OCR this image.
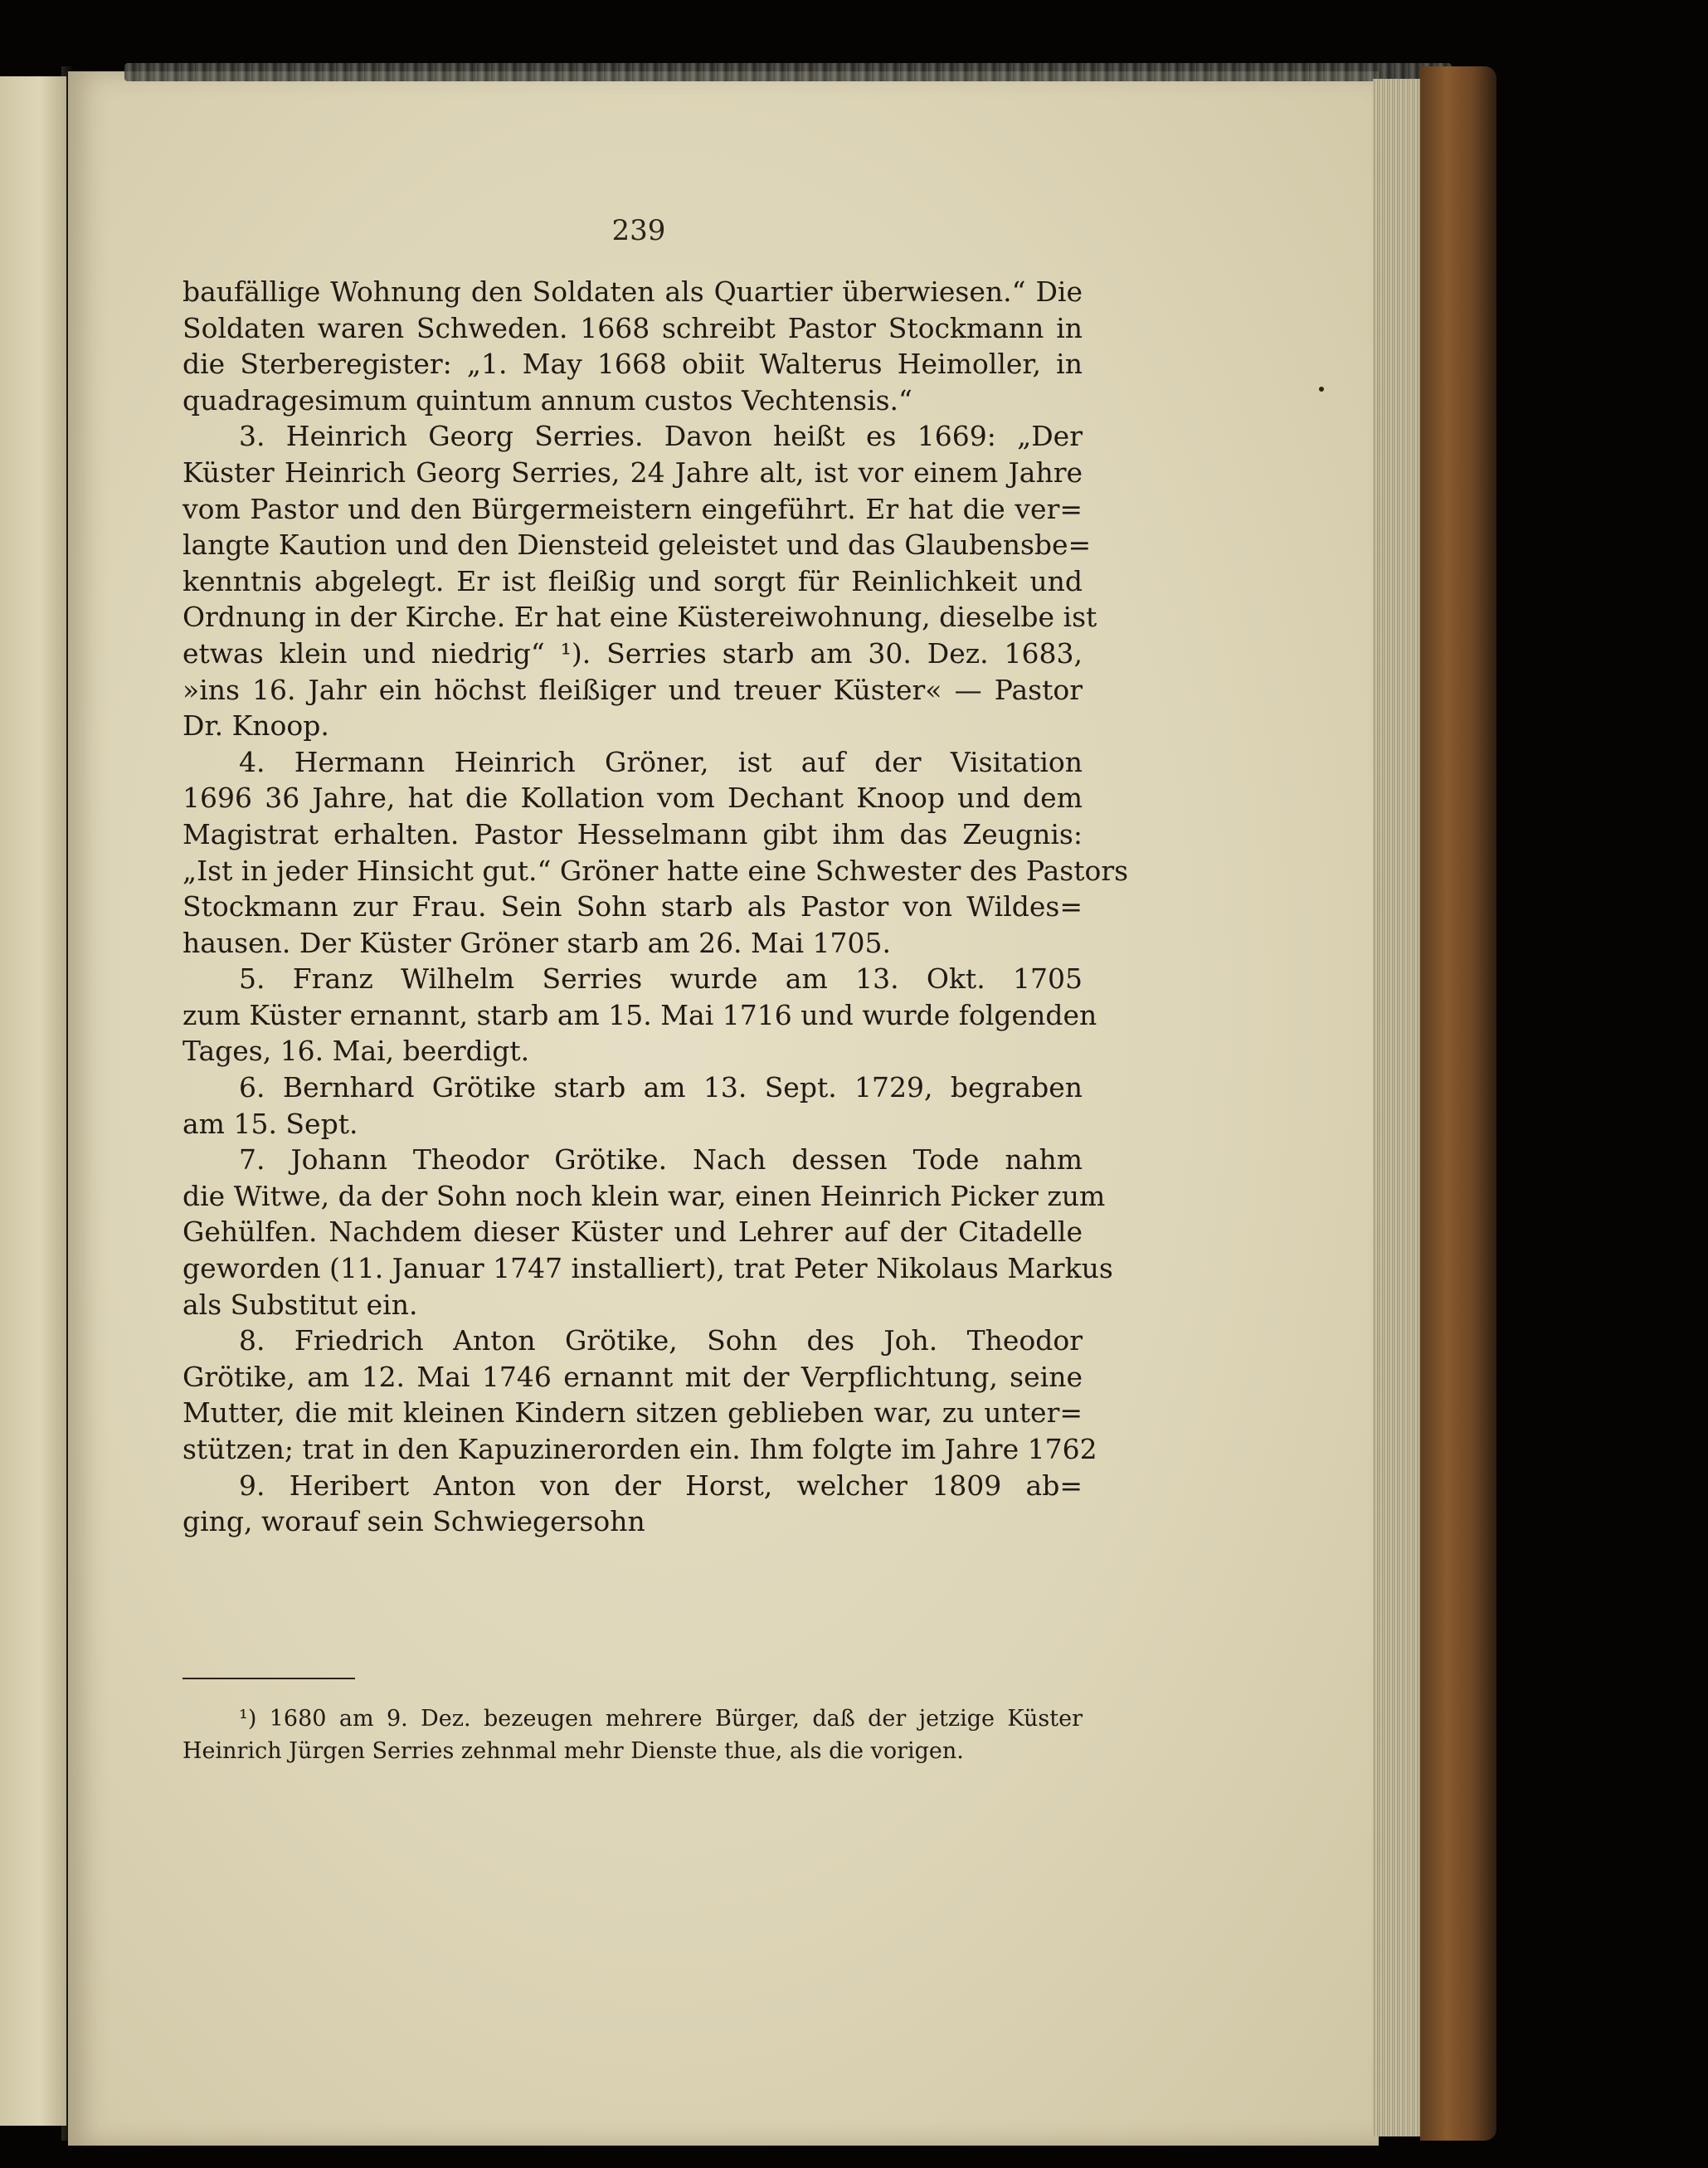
239
baufällige Wohnung den Soldaten als Quartier überwiesen.“ Die
Soldaten waren Schweden. 1668 schreibt Pastor Stockmann in
die Sterberegister: „1. May 1668 obiit Walterus Heimoller, in
quadragesimum quintum annum custos Vechtensis.“
3. Heinrich Georg Serries. Davon heißt es 1669: „Der
Küster Heinrich Georg Serries, 24 Jahre alt, ist vor einem Jahre
vom Pastor und den Bürgermeistern eingeführt. Er hat die ver=
langte Kaution und den Diensteid geleistet und das Glaubensbe=
kenntnis abgelegt. Er ist fleißig und sorgt für Reinlichkeit und
Ordnung in der Kirche. Er hat eine Küstereiwohnung, dieselbe ist
etwas klein und niedrig“ ¹). Serries starb am 30. Dez. 1683,
»ins 16. Jahr ein höchst fleißiger und treuer Küster« — Pastor
Dr. Knoop.
4. Hermann Heinrich Gröner, ist auf der Visitation
1696 36 Jahre, hat die Kollation vom Dechant Knoop und dem
Magistrat erhalten. Pastor Hesselmann gibt ihm das Zeugnis:
„Ist in jeder Hinsicht gut.“ Gröner hatte eine Schwester des Pastors
Stockmann zur Frau. Sein Sohn starb als Pastor von Wildes=
hausen. Der Küster Gröner starb am 26. Mai 1705.
5. Franz Wilhelm Serries wurde am 13. Okt. 1705
zum Küster ernannt, starb am 15. Mai 1716 und wurde folgenden
Tages, 16. Mai, beerdigt.
6. Bernhard Grötike starb am 13. Sept. 1729, begraben
am 15. Sept.
7. Johann Theodor Grötike. Nach dessen Tode nahm
die Witwe, da der Sohn noch klein war, einen Heinrich Picker zum
Gehülfen. Nachdem dieser Küster und Lehrer auf der Citadelle
geworden (11. Januar 1747 installiert), trat Peter Nikolaus Markus
als Substitut ein.
8. Friedrich Anton Grötike, Sohn des Joh. Theodor
Grötike, am 12. Mai 1746 ernannt mit der Verpflichtung, seine
Mutter, die mit kleinen Kindern sitzen geblieben war, zu unter=
stützen; trat in den Kapuzinerorden ein. Ihm folgte im Jahre 1762
9. Heribert Anton von der Horst, welcher 1809 ab=
ging, worauf sein Schwiegersohn
¹) 1680 am 9. Dez. bezeugen mehrere Bürger, daß der jetzige Küster
Heinrich Jürgen Serries zehnmal mehr Dienste thue, als die vorigen.
